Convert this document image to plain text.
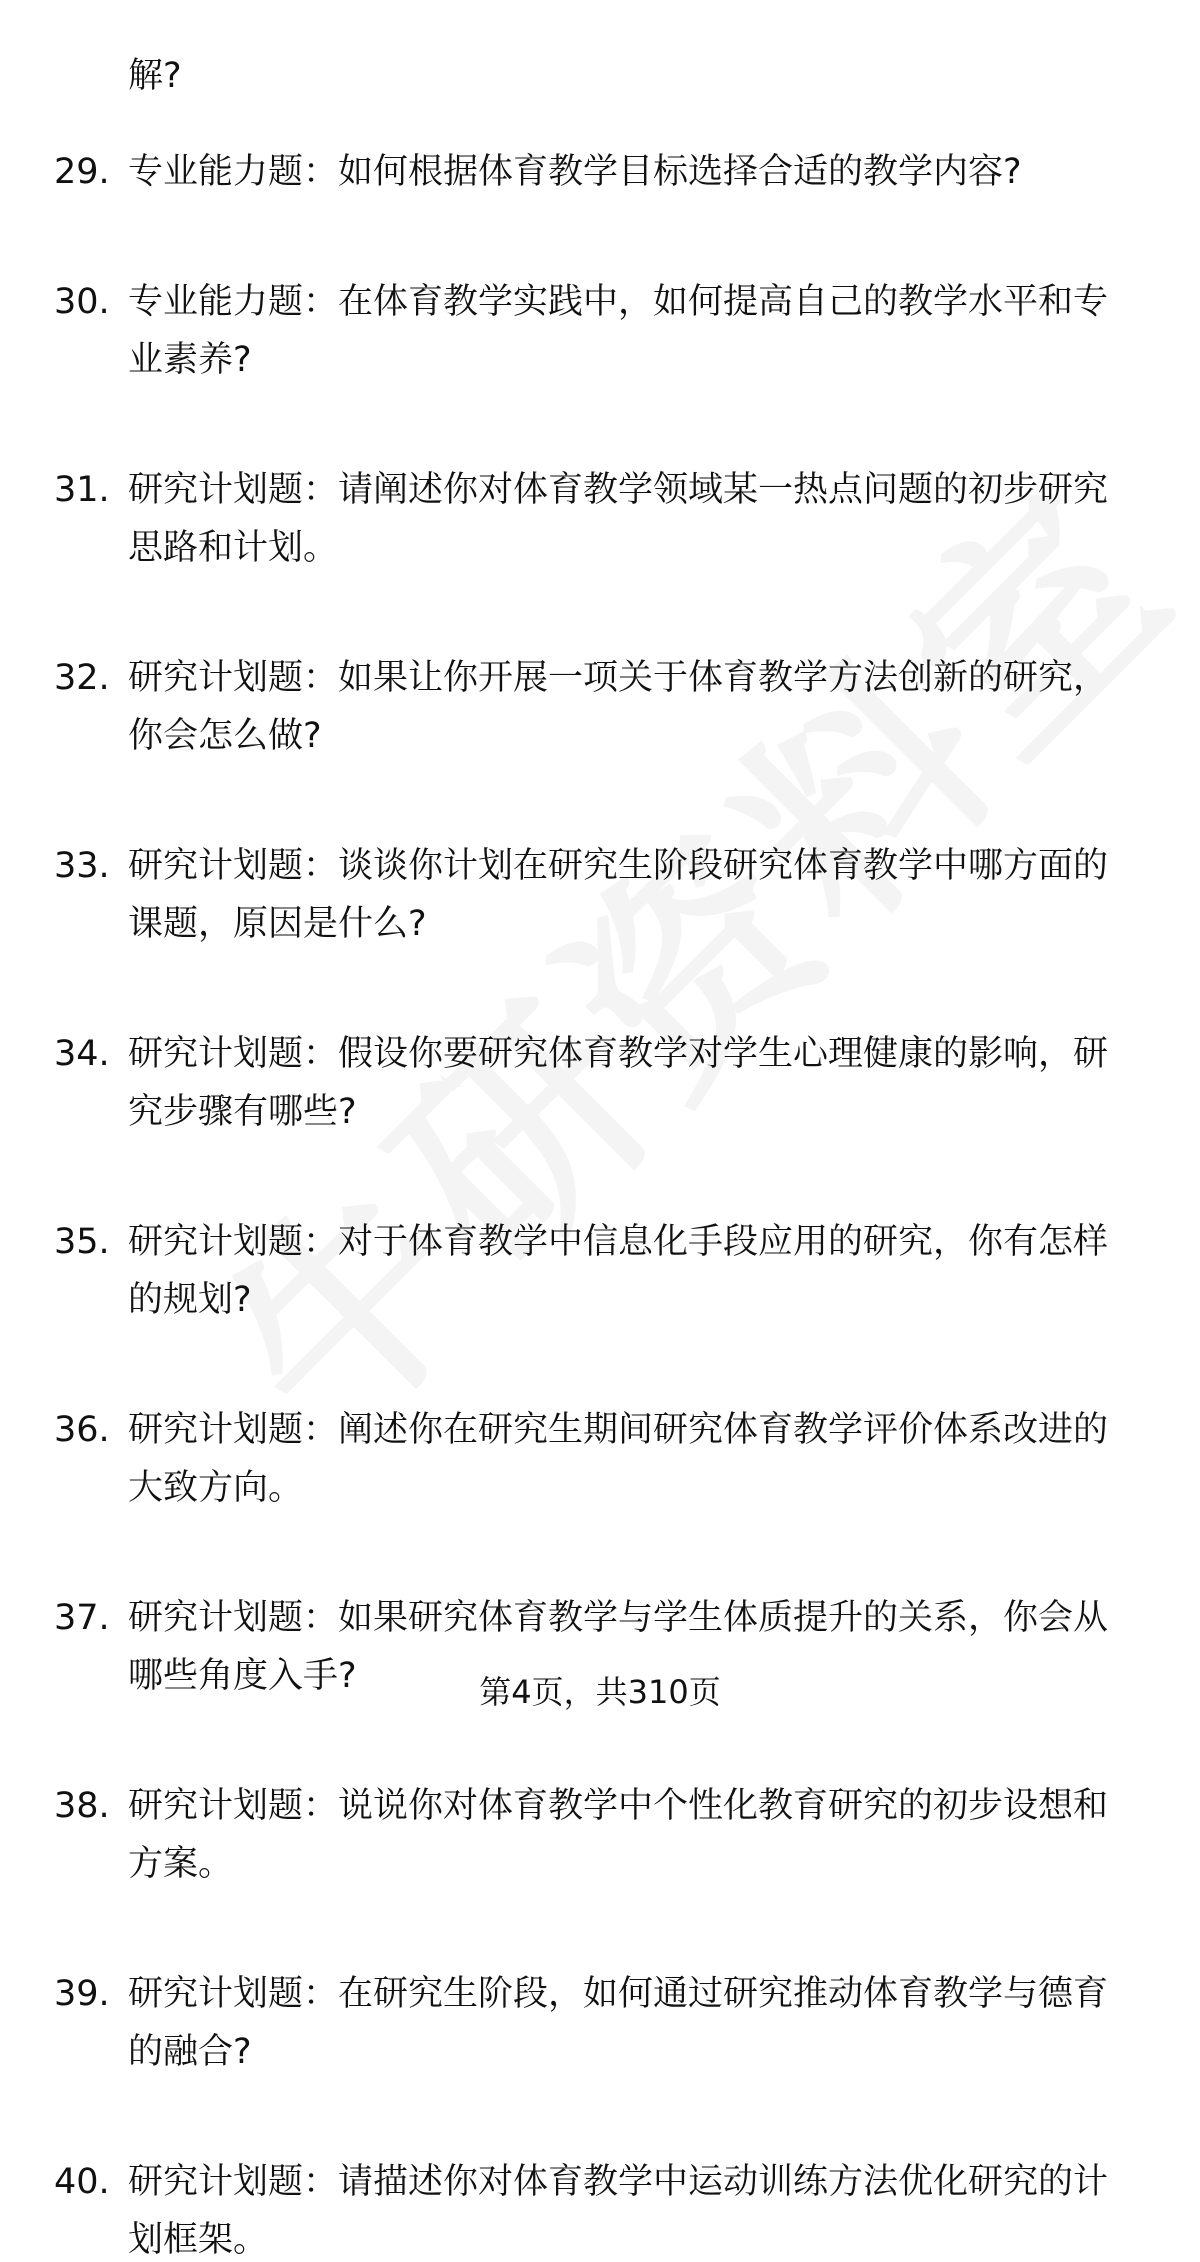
解?
29. 专业能力题：如何根据体育教学目标选择合适的教学内容?
30. 专业能力题：在体育教学实践中，如何提高自己的教学水平和专
业素养?
31. 研究计划题：请阐述你对体育教学领域某一热点问题的初步研究
思路和计划。
32. 研究计划题：如果让你开展一项关于体育教学方法创新的研究，
你会怎么做?
33. 研究计划题：谈谈你计划在研究生阶段研究体育教学中哪方面的
课题，原因是什么?
34. 研究计划题：假设你要研究体育教学对学生心理健康的影响，研
究步骤有哪些?
35. 研究计划题：对于体育教学中信息化手段应用的研究，你有怎样
的规划?
36. 研究计划题：阐述你在研究生期间研究体育教学评价体系改进的
大致方向。
37. 研究计划题：如果研究体育教学与学生体质提升的关系，你会从
哪些角度入手?
38. 研究计划题：说说你对体育教学中个性化教育研究的初步设想和
方案。
39. 研究计划题：在研究生阶段，如何通过研究推动体育教学与德育
的融合?
40. 研究计划题：请描述你对体育教学中运动训练方法优化研究的计
划框架。
第4页，共310页
